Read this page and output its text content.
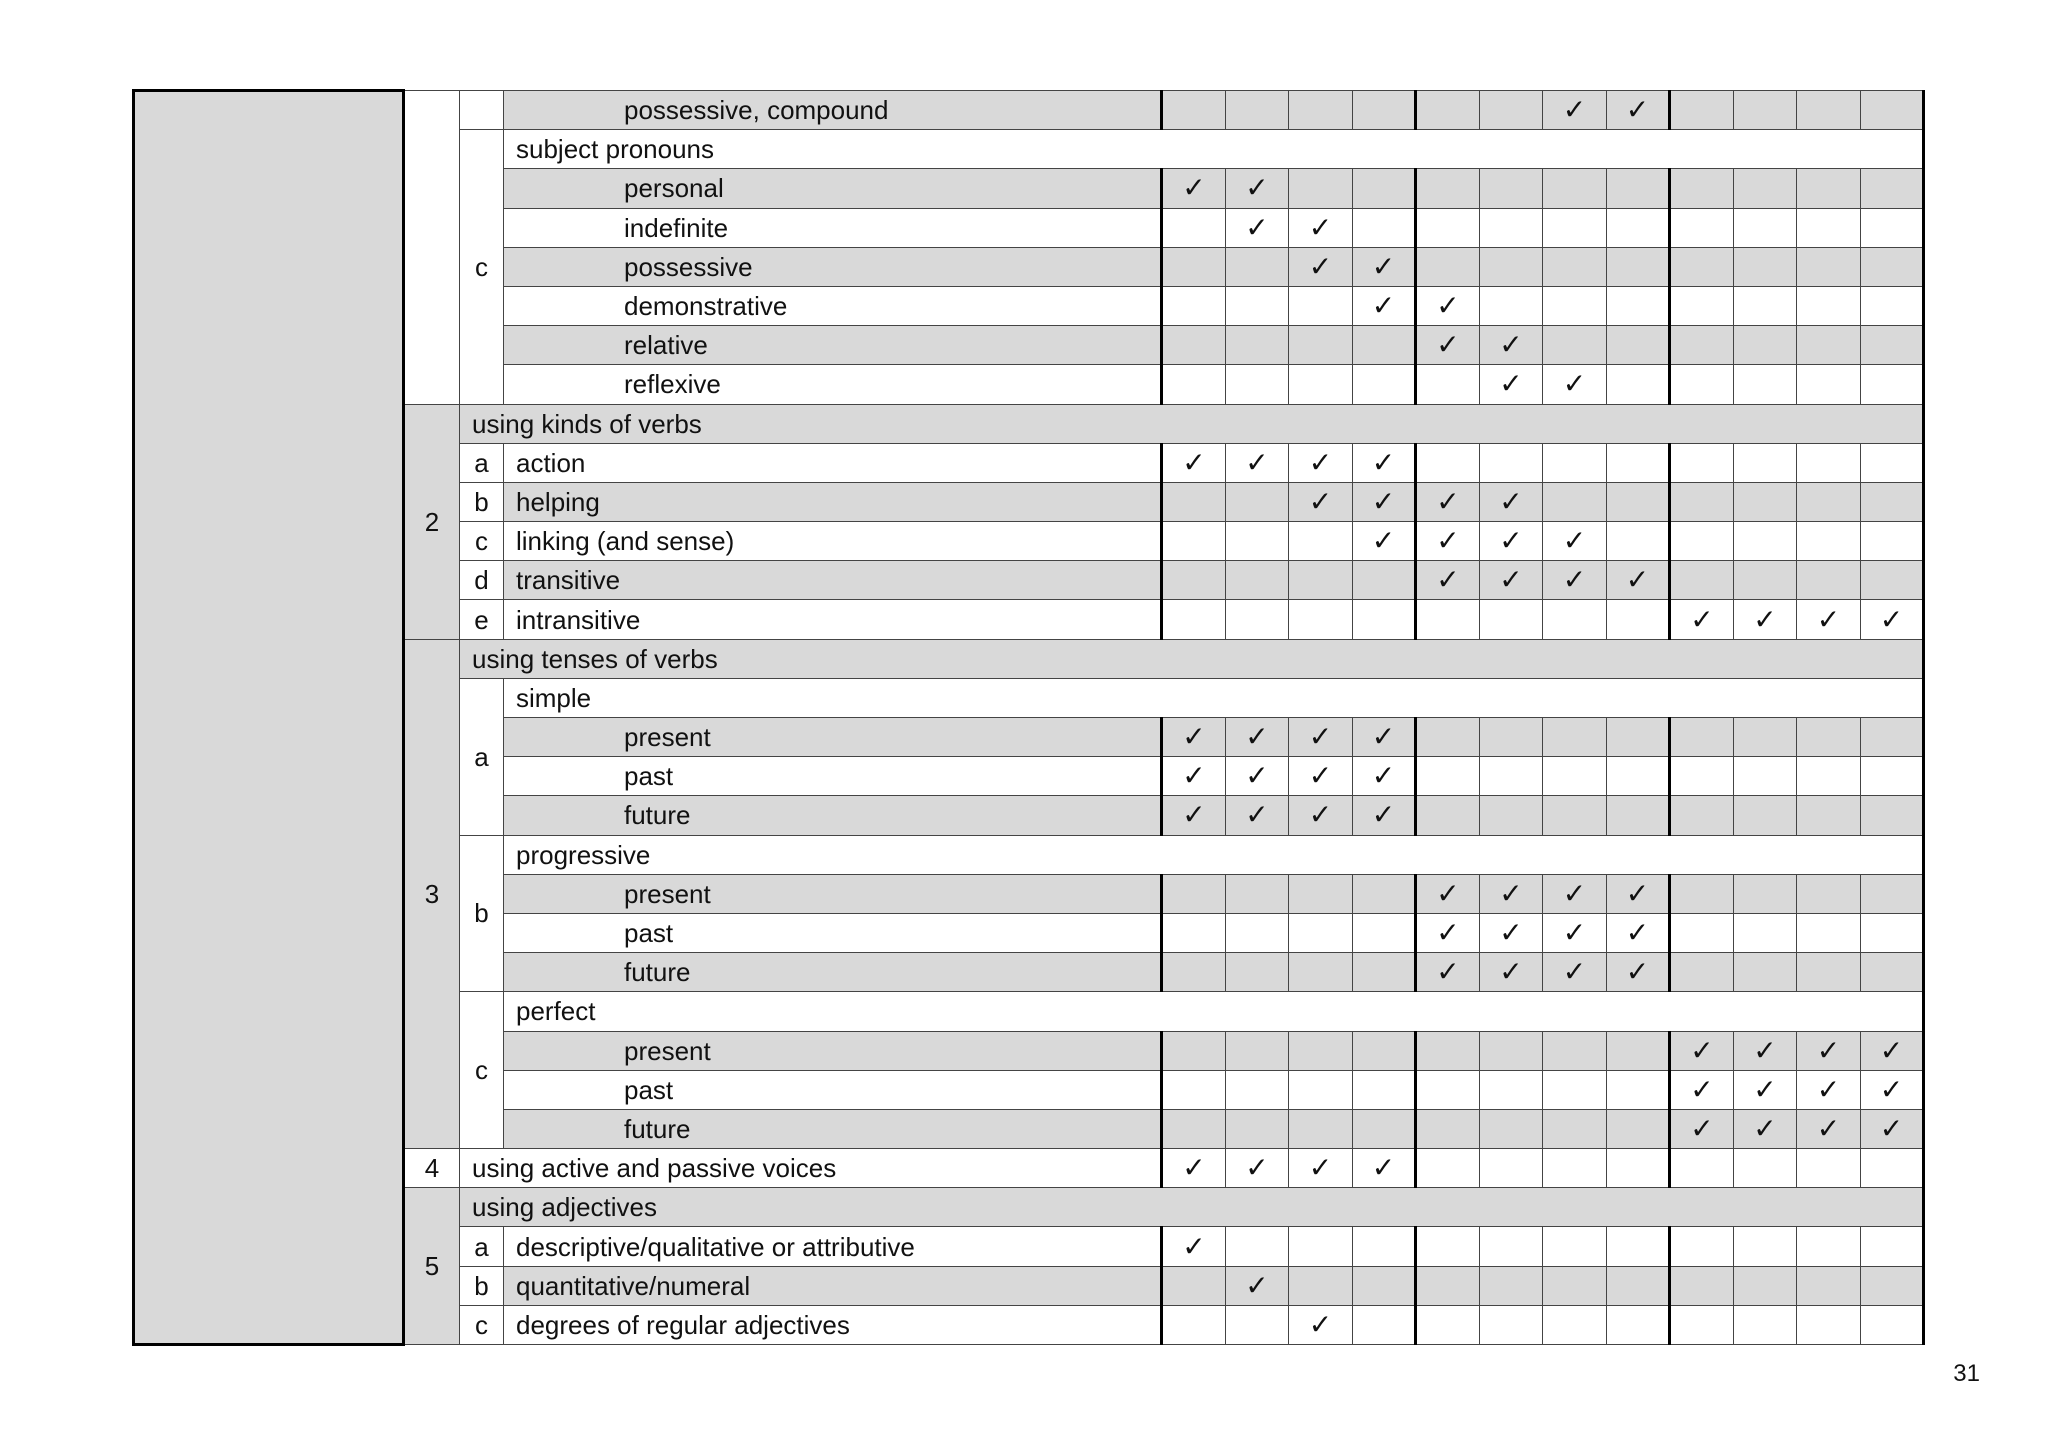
			possessive, compound							✓	✓				
		c	subject pronouns												
			personal	✓	✓										
			indefinite		✓	✓									
			possessive			✓	✓								
			demonstrative				✓	✓							
			relative					✓	✓						
			reflexive						✓	✓					
	2	using kinds of verbs													
		a	action	✓	✓	✓	✓								
		b	helping			✓	✓	✓	✓						
		c	linking (and sense)				✓	✓	✓	✓					
		d	transitive					✓	✓	✓	✓				
		e	intransitive									✓	✓	✓	✓
	3	using tenses of verbs													
		a	simple												
			present	✓	✓	✓	✓								
			past	✓	✓	✓	✓								
			future	✓	✓	✓	✓								
		b	progressive												
			present					✓	✓	✓	✓				
			past					✓	✓	✓	✓				
			future					✓	✓	✓	✓				
		c	perfect												
			present									✓	✓	✓	✓
			past									✓	✓	✓	✓
			future									✓	✓	✓	✓
	4	using active and passive voices		✓	✓	✓	✓								
	5	using adjectives													
		a	descriptive/qualitative or attributive	✓											
		b	quantitative/numeral		✓										
		c	degrees of regular adjectives			✓									
31
